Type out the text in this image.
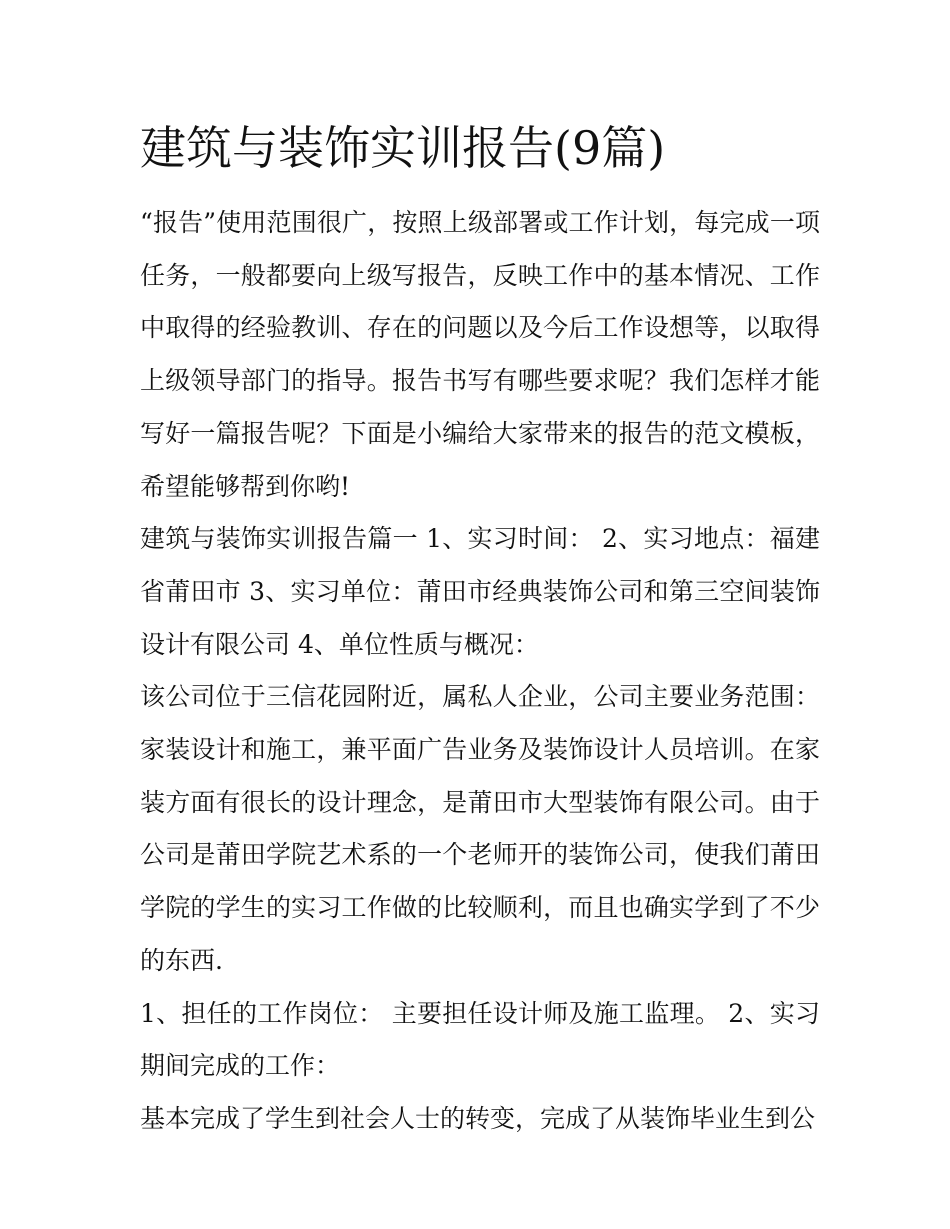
建筑与装饰实训报告(9篇)

“报告”使用范围很广，按照上级部署或工作计划，每完成一项任务，一般都要向上级写报告，反映工作中的基本情况、工作中取得的经验教训、存在的问题以及今后工作设想等，以取得上级领导部门的指导。报告书写有哪些要求呢？我们怎样才能写好一篇报告呢？下面是小编给大家带来的报告的范文模板，希望能够帮到你哟!

建筑与装饰实训报告篇一 1、实习时间： 2、实习地点：福建省莆田市 3、实习单位：莆田市经典装饰公司和第三空间装饰设计有限公司 4、单位性质与概况：

该公司位于三信花园附近，属私人企业，公司主要业务范围：家装设计和施工，兼平面广告业务及装饰设计人员培训。在家装方面有很长的设计理念，是莆田市大型装饰有限公司。由于公司是莆田学院艺术系的一个老师开的装饰公司，使我们莆田学院的学生的实习工作做的比较顺利，而且也确实学到了不少的东西.

1、担任的工作岗位： 主要担任设计师及施工监理。 2、实习期间完成的工作：

基本完成了学生到社会人士的转变，完成了从装饰毕业生到公
